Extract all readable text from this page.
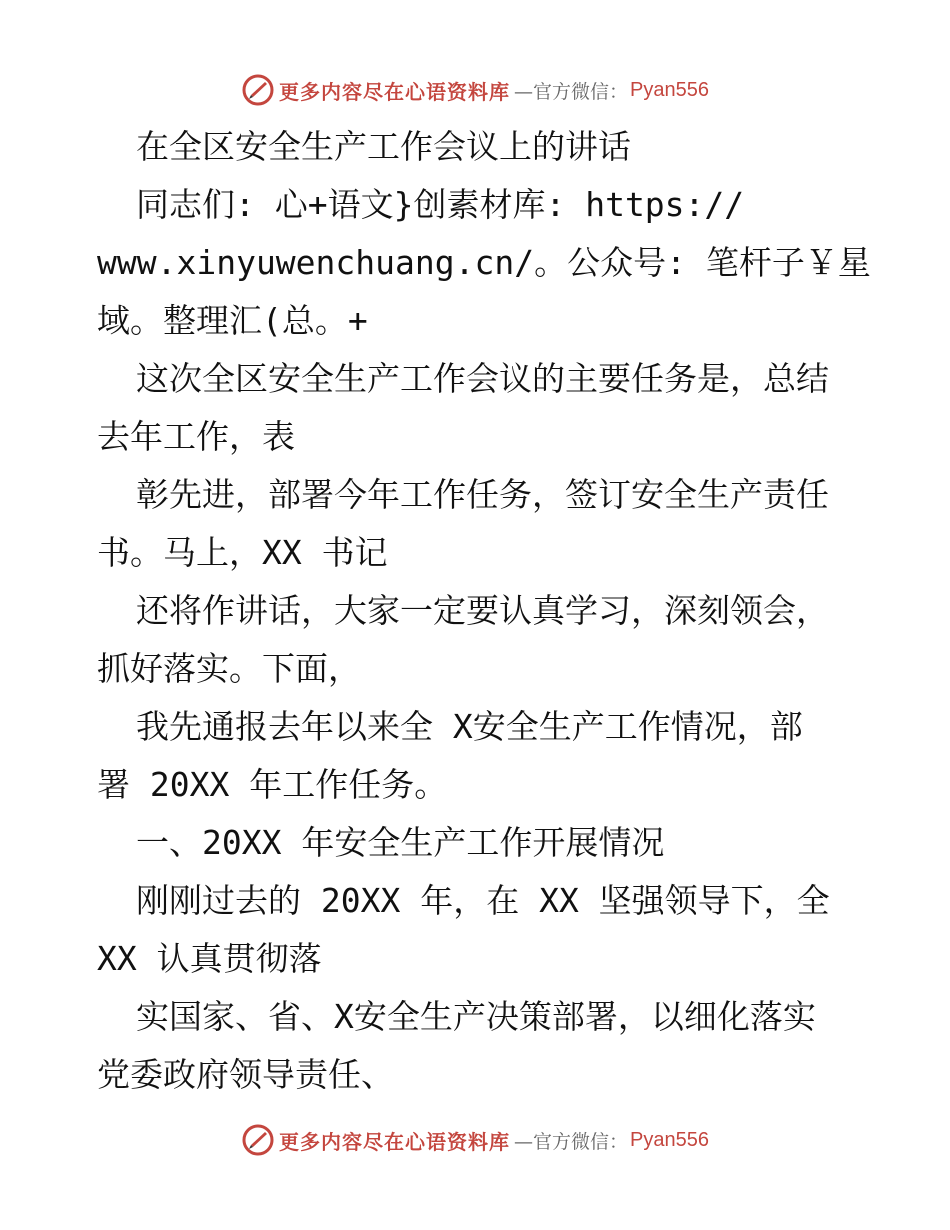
更多内容尽在心语资料库 —官方微信： Pyan556
在全区安全生产工作会议上的讲话
同志们: 心+语文}创素材库: https://
www.xinyuwenchuang.cn/。公众号: 笔杆子￥星
域。整理汇(总。+
这次全区安全生产工作会议的主要任务是，总结
去年工作，表
彰先进，部署今年工作任务，签订安全生产责任
书。马上，XX 书记
还将作讲话，大家一定要认真学习，深刻领会，
抓好落实。下面，
我先通报去年以来全 X安全生产工作情况，部
署 20XX 年工作任务。
一、20XX 年安全生产工作开展情况
刚刚过去的 20XX 年，在 XX 坚强领导下，全
XX 认真贯彻落
实国家、省、X安全生产决策部署，以细化落实
党委政府领导责任、
更多内容尽在心语资料库 —官方微信： Pyan556
